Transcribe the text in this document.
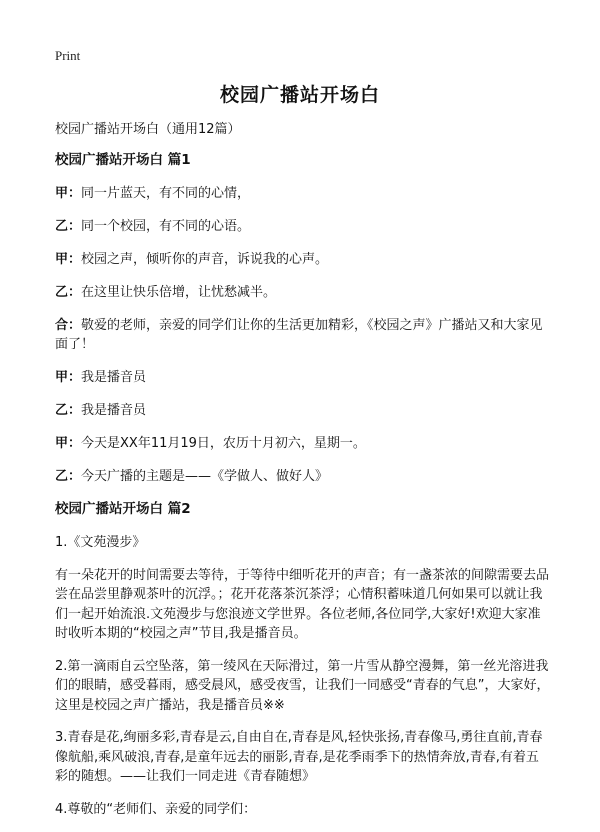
Print
校园广播站开场白

校园广播站开场白（通用12篇）

校园广播站开场白 篇1

甲：同一片蓝天，有不同的心情，

乙：同一个校园，有不同的心语。

甲：校园之声，倾听你的声音，诉说我的心声。

乙：在这里让快乐倍增，让忧愁减半。

合：敬爱的老师，亲爱的同学们让你的生活更加精彩，《校园之声》广播站又和大家见面了！

甲：我是播音员

乙：我是播音员

甲：今天是XX年11月19日，农历十月初六，星期一。

乙：今天广播的主题是——《学做人、做好人》

校园广播站开场白 篇2

1.《文苑漫步》

有一朵花开的时间需要去等待，于等待中细听花开的声音；有一盏茶浓的间隙需要去品尝在品尝里静观茶叶的沉浮。；花开花落茶沉茶浮；心情积蓄味道几何如果可以就让我们一起开始流浪.文苑漫步与您浪迹文学世界。各位老师,各位同学,大家好!欢迎大家准时收听本期的“校园之声”节目,我是播音员。

2.第一滴雨自云空坠落，第一绫风在天际滑过，第一片雪从静空漫舞，第一丝光溶进我们的眼睛，感受暮雨，感受晨风，感受夜雪，让我们一同感受“青春的气息”，大家好，这里是校园之声广播站，我是播音员※※

3.青春是花,绚丽多彩,青春是云,自由自在,青春是风,轻快张扬,青春像马,勇往直前,青春像航船,乘风破浪,青春,是童年远去的丽影,青春,是花季雨季下的热情奔放,青春,有着五彩的随想。——让我们一同走进《青春随想》

4.尊敬的“老师们、亲爱的同学们：
